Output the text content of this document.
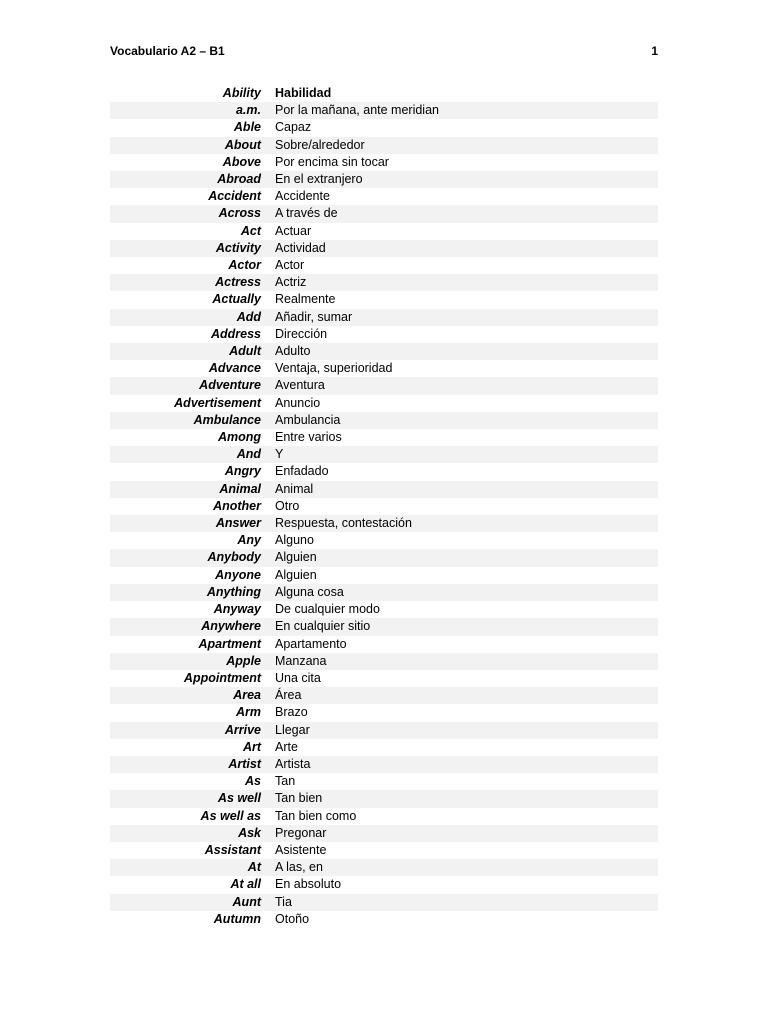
Vocabulario A2 – B1	1
Ability	Habilidad
a.m.	Por la mañana, ante meridian
Able	Capaz
About	Sobre/alrededor
Above	Por encima sin tocar
Abroad	En el extranjero
Accident	Accidente
Across	A través de
Act	Actuar
Activity	Actividad
Actor	Actor
Actress	Actriz
Actually	Realmente
Add	Añadir, sumar
Address	Dirección
Adult	Adulto
Advance	Ventaja, superioridad
Adventure	Aventura
Advertisement	Anuncio
Ambulance	Ambulancia
Among	Entre varios
And	Y
Angry	Enfadado
Animal	Animal
Another	Otro
Answer	Respuesta, contestación
Any	Alguno
Anybody	Alguien
Anyone	Alguien
Anything	Alguna cosa
Anyway	De cualquier modo
Anywhere	En cualquier sitio
Apartment	Apartamento
Apple	Manzana
Appointment	Una cita
Area	Área
Arm	Brazo
Arrive	Llegar
Art	Arte
Artist	Artista
As	Tan
As well	Tan bien
As well as	Tan bien como
Ask	Pregonar
Assistant	Asistente
At	A las, en
At all	En absoluto
Aunt	Tia
Autumn	Otoño
